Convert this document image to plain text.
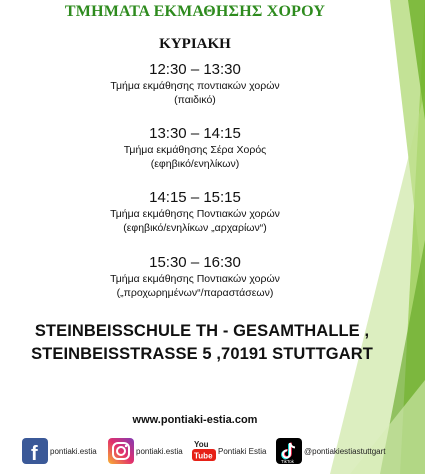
ΤΜΗΜΑΤΑ ΕΚΜΑΘΗΣΗΣ ΧΟΡΟΥ
ΚΥΡΙΑΚΗ
12:30 – 13:30
Τμήμα εκμάθησης ποντιακών χορών
(παιδικό)
13:30 – 14:15
Τμήμα εκμάθησης Σέρα Χορός
(εφηβικό/ενηλίκων)
14:15 – 15:15
Τμήμα εκμάθησης Ποντιακών χορών
(εφηβικό/ενηλίκων „αρχαρίων“)
15:30 – 16:30
Τμήμα εκμάθησης Ποντιακών χορών
(„προχωρημένων“/παραστάσεων)
STEINBEISSCHULE TH - GESAMTHALLE ,
STEINBEISSTRASSE 5 ,70191 STUTTGART
www.pontiaki-estia.com
f pontiaki.estia	pontiaki.estia
You
Tube
Pontiaki Estia
TikTok
@pontiakiestiastuttgart
